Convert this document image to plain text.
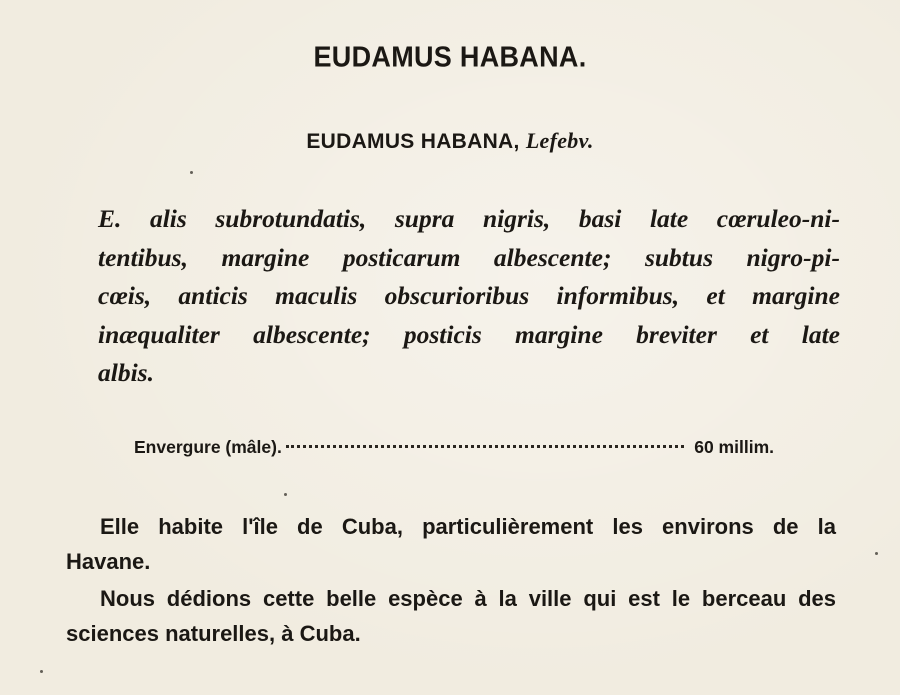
EUDAMUS HABANA.
EUDAMUS HABANA, Lefebv.
E. alis subrotundatis, supra nigris, basi late cœruleo-ni-
tentibus, margine posticarum albescente; subtus nigro-pi-
cœis, anticis maculis obscurioribus informibus, et margine
inæqualiter albescente; posticis margine breviter et late
albis.
Envergure (mâle).	60 millim.
Elle habite l'île de Cuba, particulièrement les environs de la
Havane.
Nous dédions cette belle espèce à la ville qui est le berceau des
sciences naturelles, à Cuba.
